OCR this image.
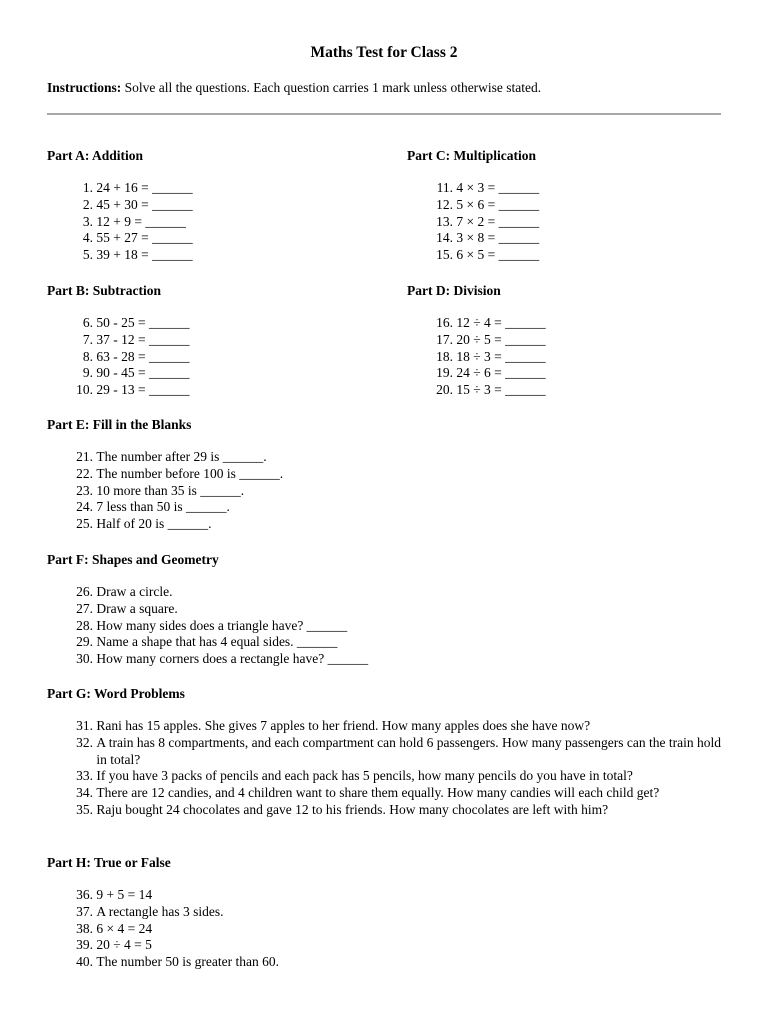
Maths Test for Class 2

Instructions: Solve all the questions. Each question carries 1 mark unless otherwise stated.

Part A: Addition
1.
24 + 16 = ______
2.
45 + 30 = ______
3.
12 + 9 = ______
4.
55 + 27 = ______
5.
39 + 18 = ______
Part C: Multiplication
11.
4 × 3 = ______
12.
5 × 6 = ______
13.
7 × 2 = ______
14.
3 × 8 = ______
15.
6 × 5 = ______
Part B: Subtraction
6.
50 - 25 = ______
7.
37 - 12 = ______
8.
63 - 28 = ______
9.
90 - 45 = ______
10.
29 - 13 = ______
Part D: Division
16.
12 ÷ 4 = ______
17.
20 ÷ 5 = ______
18.
18 ÷ 3 = ______
19.
24 ÷ 6 = ______
20.
15 ÷ 3 = ______
Part E: Fill in the Blanks
21.
The number after 29 is ______.
22.
The number before 100 is ______.
23.
10 more than 35 is ______.
24.
7 less than 50 is ______.
25.
Half of 20 is ______.
Part F: Shapes and Geometry
26.
Draw a circle.
27.
Draw a square.
28.
How many sides does a triangle have? ______
29.
Name a shape that has 4 equal sides. ______
30.
How many corners does a rectangle have? ______
Part G: Word Problems
31.
Rani has 15 apples. She gives 7 apples to her friend. How many apples does she have now?
32.
A train has 8 compartments, and each compartment can hold 6 passengers. How many passengers can the train hold in total?
33.
If you have 3 packs of pencils and each pack has 5 pencils, how many pencils do you have in total?
34.
There are 12 candies, and 4 children want to share them equally. How many candies will each child get?
35.
Raju bought 24 chocolates and gave 12 to his friends. How many chocolates are left with him?
Part H: True or False
36.
9 + 5 = 14
37.
A rectangle has 3 sides.
38.
6 × 4 = 24
39.
20 ÷ 4 = 5
40.
The number 50 is greater than 60.
